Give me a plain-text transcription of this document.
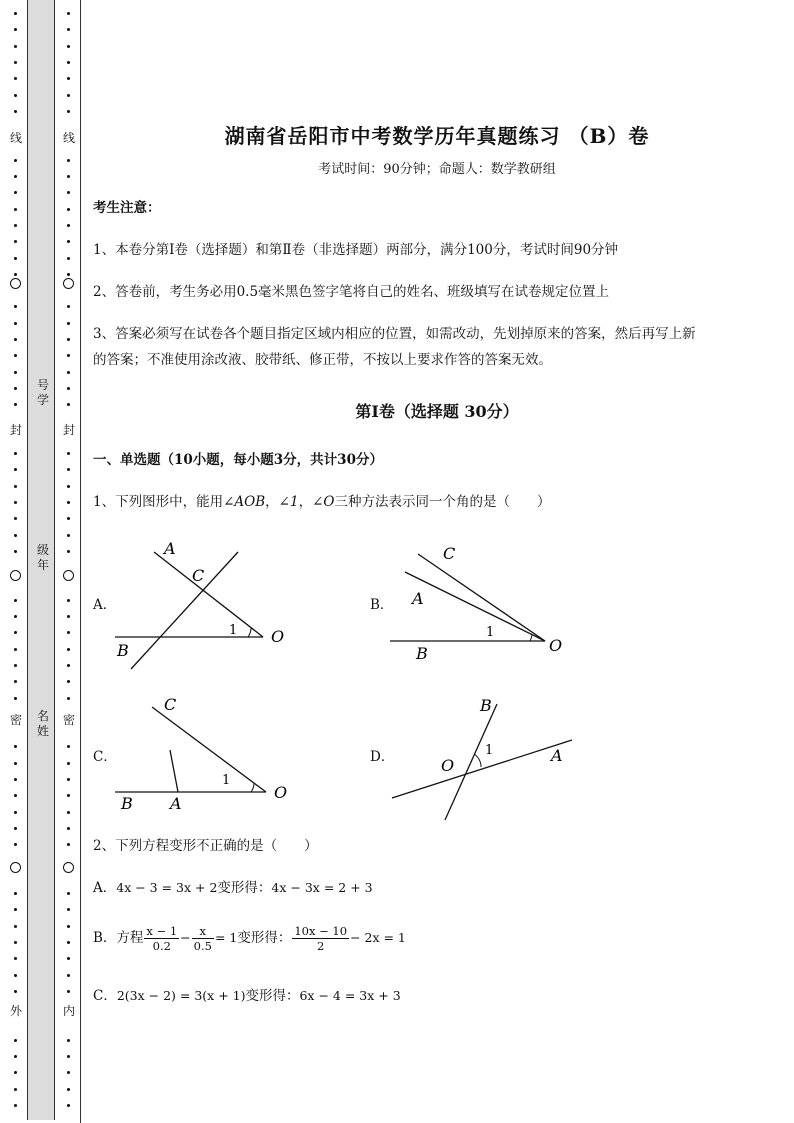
线
封
密
外
线
封
密
内
号学
级年
名姓
湖南省岳阳市中考数学历年真题练习 （B）卷
考试时间：90分钟；命题人：数学教研组
考生注意：
1、本卷分第I卷（选择题）和第Ⅱ卷（非选择题）两部分，满分100分，考试时间90分钟
2、答卷前，考生务必用0.5毫米黑色签字笔将自己的姓名、班级填写在试卷规定位置上
3、答案必须写在试卷各个题目指定区域内相应的位置，如需改动，先划掉原来的答案，然后再写上新
的答案；不准使用涂改液、胶带纸、修正带，不按以上要求作答的答案无效。
第I卷（选择题 30分）
一、单选题（10小题，每小题3分，共计30分）
1、下列图形中，能用∠AOB，∠1，∠O三种方法表示同一个角的是（　　）
A．	B．
C．	D．
A
C
B
O
1
C
A
B	O
1
C
B A
O
1
B
O
A
1
2、下列方程变形不正确的是（　　）
A．4x − 3 = 3x + 2变形得：4x − 3x = 2 + 3
B．方程 $\frac{x - 1}{0.2} - \frac{x}{0.5} = 1$变形得： $\frac{10x - 10}{2} - 2x = 1$
C．2(3x − 2) = 3(x + 1)变形得：6x − 4 = 3x + 3
